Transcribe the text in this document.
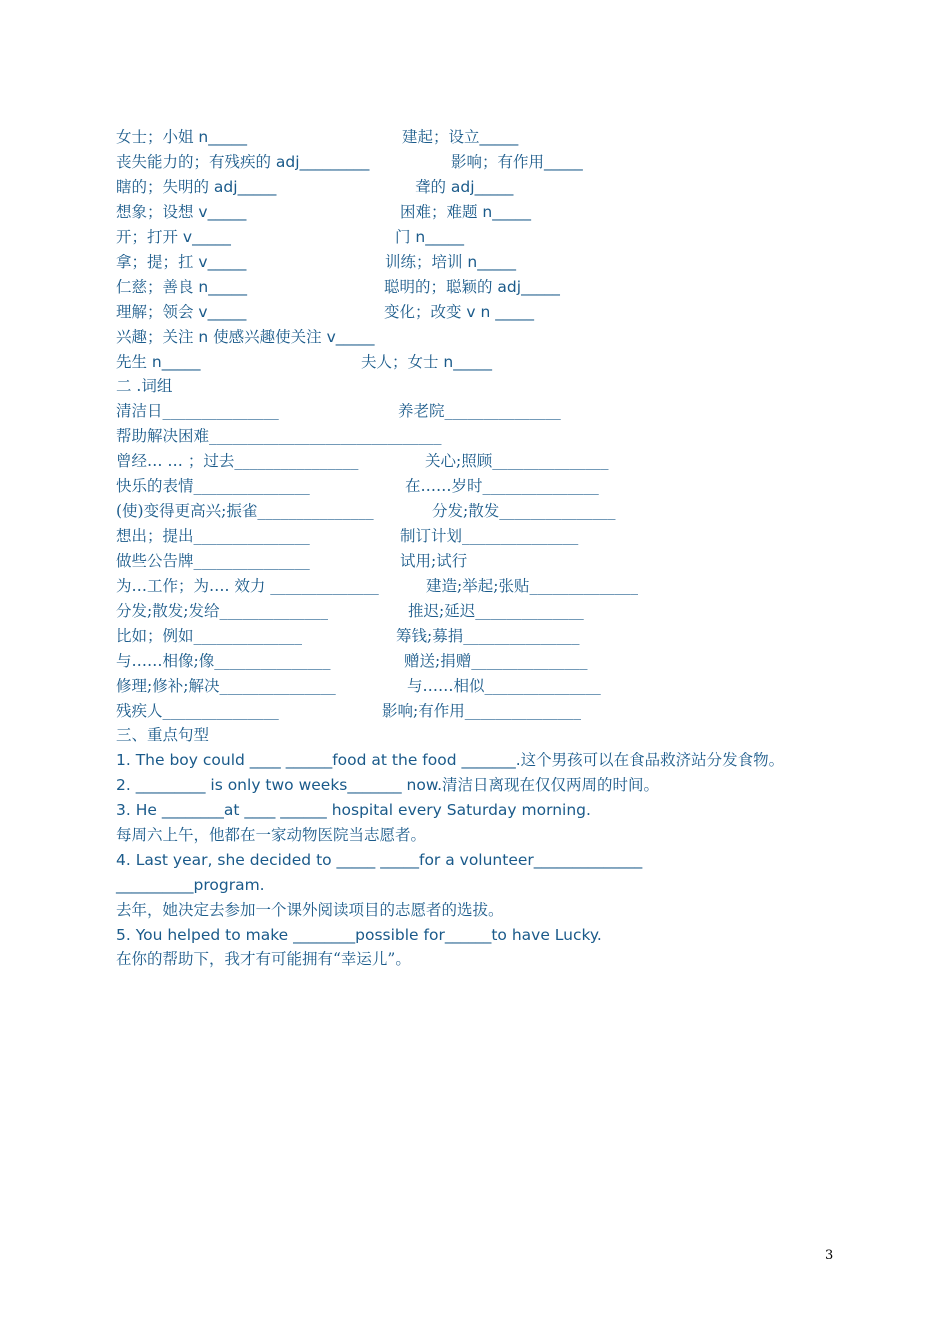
女士；小姐 n_____	建起；设立_____
丧失能力的；有残疾的 adj_________	影响；有作用_____
瞎的；失明的 adj_____	聋的 adj_____
想象；设想 v_____	困难；难题 n_____
开；打开 v_____	门 n_____
拿；提；扛 v_____	训练；培训 n_____
仁慈；善良 n_____	聪明的；聪颖的 adj_____
理解；领会 v_____	变化；改变 v n _____
兴趣；关注 n 使感兴趣使关注 v_____
先生 n_____	夫人；女士 n_____
二 .词组
清洁日_______________	养老院_______________
帮助解决困难______________________________
曾经… … ；过去________________	关心;照顾_______________
快乐的表情_______________	在……岁时_______________
(使)变得更高兴;振雀_______________	分发;散发_______________
想出；提出_______________	制订计划_______________
做些公告牌_______________	试用;试行
为…工作；为…. 效力 ______________	建造;举起;张贴______________
分发;散发;发给______________	推迟;延迟______________
比如；例如______________	筹钱;募捐_______________
与……相像;像_______________	赠送;捐赠_______________
修理;修补;解决_______________	与……相似_______________
残疾人_______________	影响;有作用_______________
三、重点句型
1. The boy could ____ ______food at the food _______.这个男孩可以在食品救济站分发食物。
2. _________ is only two weeks_______ now.清洁日离现在仅仅两周的时间。
3. He ________at ____ ______ hospital every Saturday morning.
每周六上午，他都在一家动物医院当志愿者。
4. Last year, she decided to _____ _____for a volunteer______________
__________program.
去年，她决定去参加一个课外阅读项目的志愿者的选拔。
5. You helped to make ________possible for______to have Lucky.
在你的帮助下，我才有可能拥有“幸运儿”。
3
